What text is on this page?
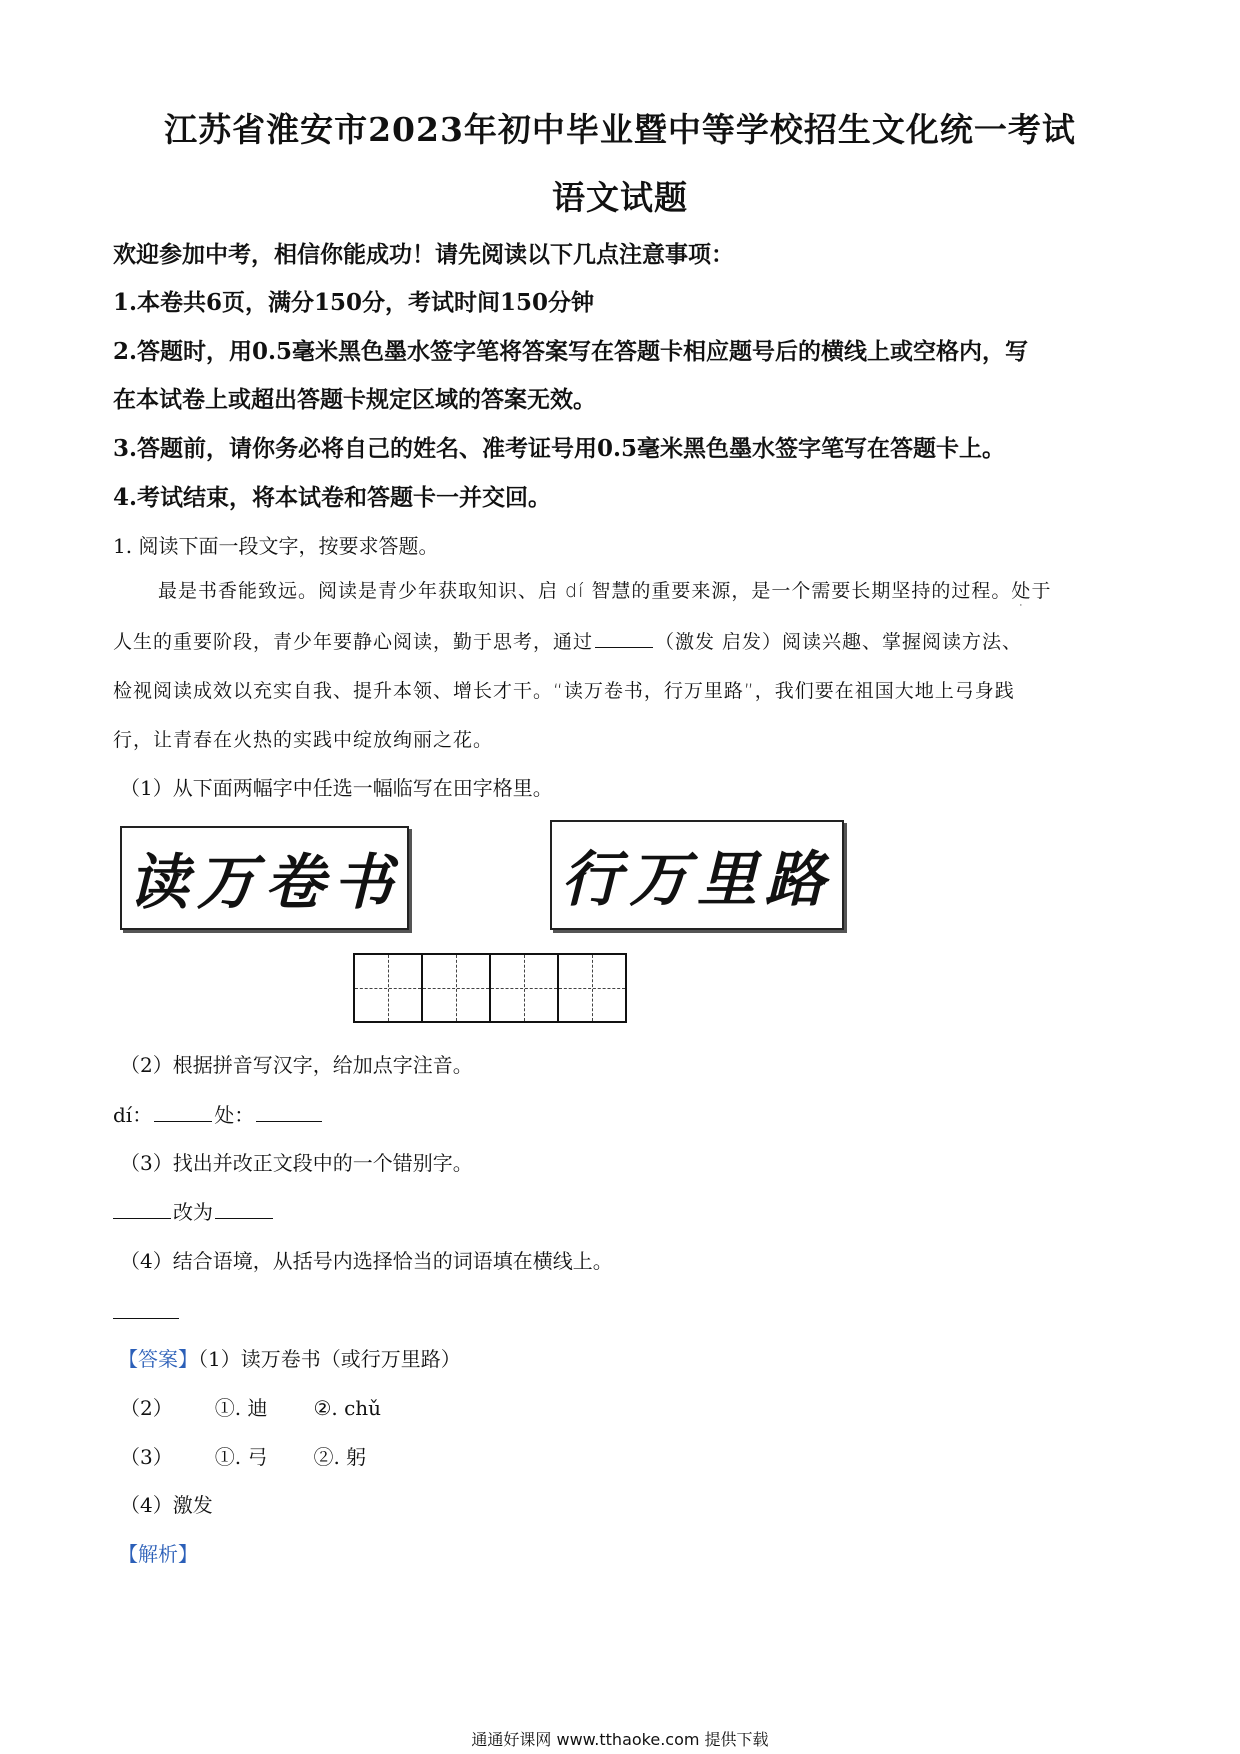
江苏省淮安市2023年初中毕业暨中等学校招生文化统一考试
语文试题
欢迎参加中考，相信你能成功！请先阅读以下几点注意事项：
1.本卷共6页，满分150分，考试时间150分钟
2.答题时，用0.5毫米黑色墨水签字笔将答案写在答题卡相应题号后的横线上或空格内，写
在本试卷上或超出答题卡规定区域的答案无效。
3.答题前，请你务必将自己的姓名、准考证号用0.5毫米黑色墨水签字笔写在答题卡上。
4.考试结束，将本试卷和答题卡一并交回。
1. 阅读下面一段文字，按要求答题。
最是书香能致远。阅读是青少年获取知识、启 dí 智慧的重要来源，是一个需要长期坚持的过程。处于
人生的重要阶段，青少年要静心阅读，勤于思考，通过	（激发 启发）阅读兴趣、掌握阅读方法、
检视阅读成效以充实自我、提升本领、增长才干。“读万卷书，行万里路”，我们要在祖国大地上弓身践
行，让青春在火热的实践中绽放绚丽之花。
（1）从下面两幅字中任选一幅临写在田字格里。
读万卷书	行万里路
（2）根据拼音写汉字，给加点字注音。
dí：	处：
（3）找出并改正文段中的一个错别字。
改为
（4）结合语境，从括号内选择恰当的词语填在横线上。
【答案】（1）读万卷书（或行万里路）
（2） ①. 迪 ②. chǔ
（3） ①. 弓 ②. 躬
（4）激发
【解析】
通通好课网 www.tthaoke.com 提供下载
